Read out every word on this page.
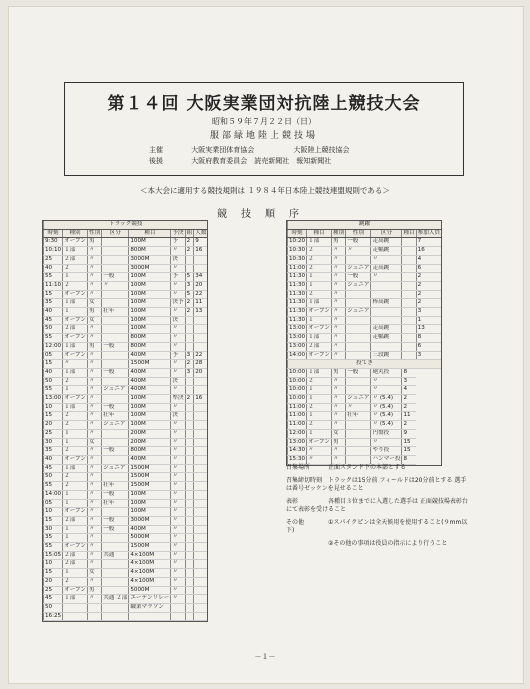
第１４回 大阪実業団対抗陸上競技大会
昭和５９年７月２２日（日）
服部緑地陸上競技場
主催	大阪実業団体育協会	大阪陸上競技協会
後援	大阪府教育委員会　読売新聞社　報知新聞社
＜本大会に適用する競技規則は １９８４年日本陸上競技連盟規則である＞
競技順序
トラック競技							
時刻	種別	性別	区分	種目	予決	組	人数
9:30	オープン	男		100M	予	2	9
10:10	１部	〃		800M	〃	2	16
25	２部	〃		3000M	決		
40	２	〃		3000M	〃		
55	１	〃	一般	100M	予	5	34
11:10	２	〃	〃	100M	〃	3	20
15	オープン	〃		100M	〃	5	22
35	１部	女		100M	決予	2	11
40	１	男	壮年	100M	〃	2	13
45	オープン	女		100M	決		
50	２部	〃		100M	〃		
55	オープン	〃		800M	〃		
12:00	１部	男	一般	800M	〃		
05	オープン	〃		400M	予	3	22
15	〃	〃		1500M	〃	2	28
40	１部	〃	一般	400M	〃	3	20
50	２	〃		400M	決		
55	１	〃	ジュニア	400M	〃		
13:00	オープン	〃		100M	準決	2	16
10	１部	〃	一般	100M	〃		
15	２	〃	壮年	100M	決		
20	２	〃	ジュニア	100M	〃		
25	１	〃		200M	〃		
30	１	女		200M	〃		
35	２	〃	一般	800M	〃		
40	オープン	〃		400M	〃		
45	１部	〃	ジュニア	1500M	〃		
50	２	〃		1500M	〃		
55	２	〃	壮年	1500M	〃		
14:00	１	〃	一般	100M	〃		
05	１	〃	壮年	100M	〃		
10	オープン	〃		100M	〃		
15	２部	〃	一般	3000M	〃		
30	１	〃	一般	400M	〃		
35	１	〃		5000M	〃		
55	オープン	〃		1500M	〃		
15:05	２部	〃	共通	4×100M	〃		
10	２部	〃		4×100M	〃		
15	１	女		4×100M	〃		
20	２	〃		4×100M	〃		
25	オープン	男		5000M	〃		
45	１部	〃	共通 ２部	エーデンリレー	〃		
50				職業マラソン			
16:25							
跳躍						
時刻	種目	種別	性別	区分	種目	参加人員
10:20	１部	男	一般	走高跳		7
10:30	２	〃	〃	走幅跳		16
10:30	２	〃		〃		4
11:00	２	〃	ジュニア	走高跳		6
11:30	１	〃	一般	〃		2
11:30	１	〃	ジュニア			2
11:30	２	〃				2
11:30	１部	〃		棒高跳		2
11:30	オープン	〃	ジュニア			3
11:30	１	〃				1
13:00	オープン	〃		走高跳		13
13:00	１部	〃		走幅跳		8
13:00	２部	〃				6
14:00	オープン	〃		三段跳		3
投てき						
10:00	１部	男	一般	砲丸投	8	
10:00	２	〃		〃	3	
10:00	１	〃		〃	4	
10:00	１	〃	ジュニア	〃 (5.4)	2	
11:00	２	〃	〃	〃 (5.4)	2	
11:00	１	〃	壮年	〃 (5.4)	11	
11:00	２	〃		〃 (5.4)	2	
12:00	１	女		円盤投	9	
13:00	オープン	男		〃	15	
14:30	〃	〃		やり投	15	
15:30	〃	〃		ハンマー投	8	
召集場所	正面スタンド下の本部とする
召集締切時刻 トラックは15分前 フィールドは20分前とする 選手は番号ゼッケンを見せること
表彰	各種目３位までに入選した選手は 正面競技場表彰台にて表彰を受けること
その他	①スパイクピンは全天候用を使用すること(９mm以下)
②その他の事項は役員の指示により行うこと
－１－
